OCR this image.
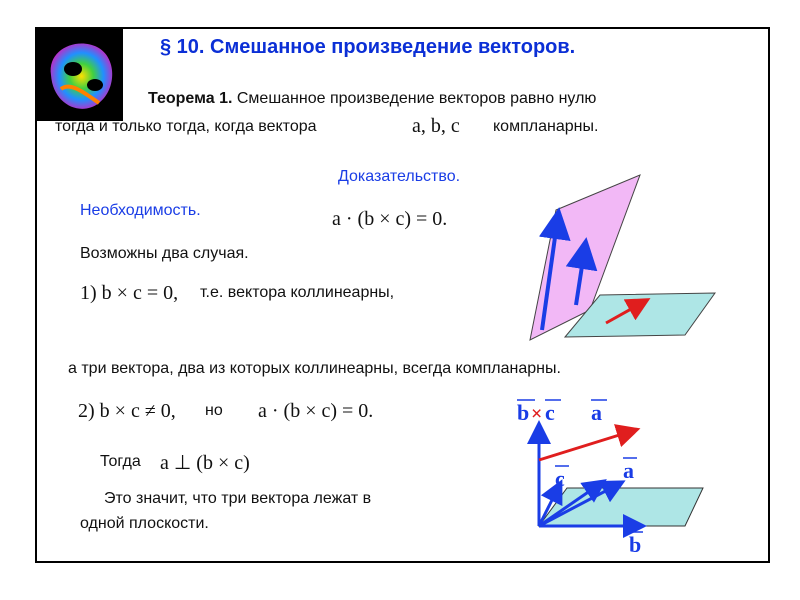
§ 10. Смешанное произведение векторов.
Теорема 1. Смешанное произведение векторов равно нулю
тогда и только тогда, когда вектора	a, b, c компланарны.
Доказательство.
Необходимость.	a · (b × c) = 0.
Возможны два случая.
1) b × c = 0, т.е. вектора коллинеарны,
а три вектора, два из которых коллинеарны, всегда компланарны.
2) b × c ≠ 0, но a · (b × c) = 0.
Тогда a ⊥ (b × c)
Это значит, что три вектора лежат в
одной плоскости.
b × c a
c	a
b
